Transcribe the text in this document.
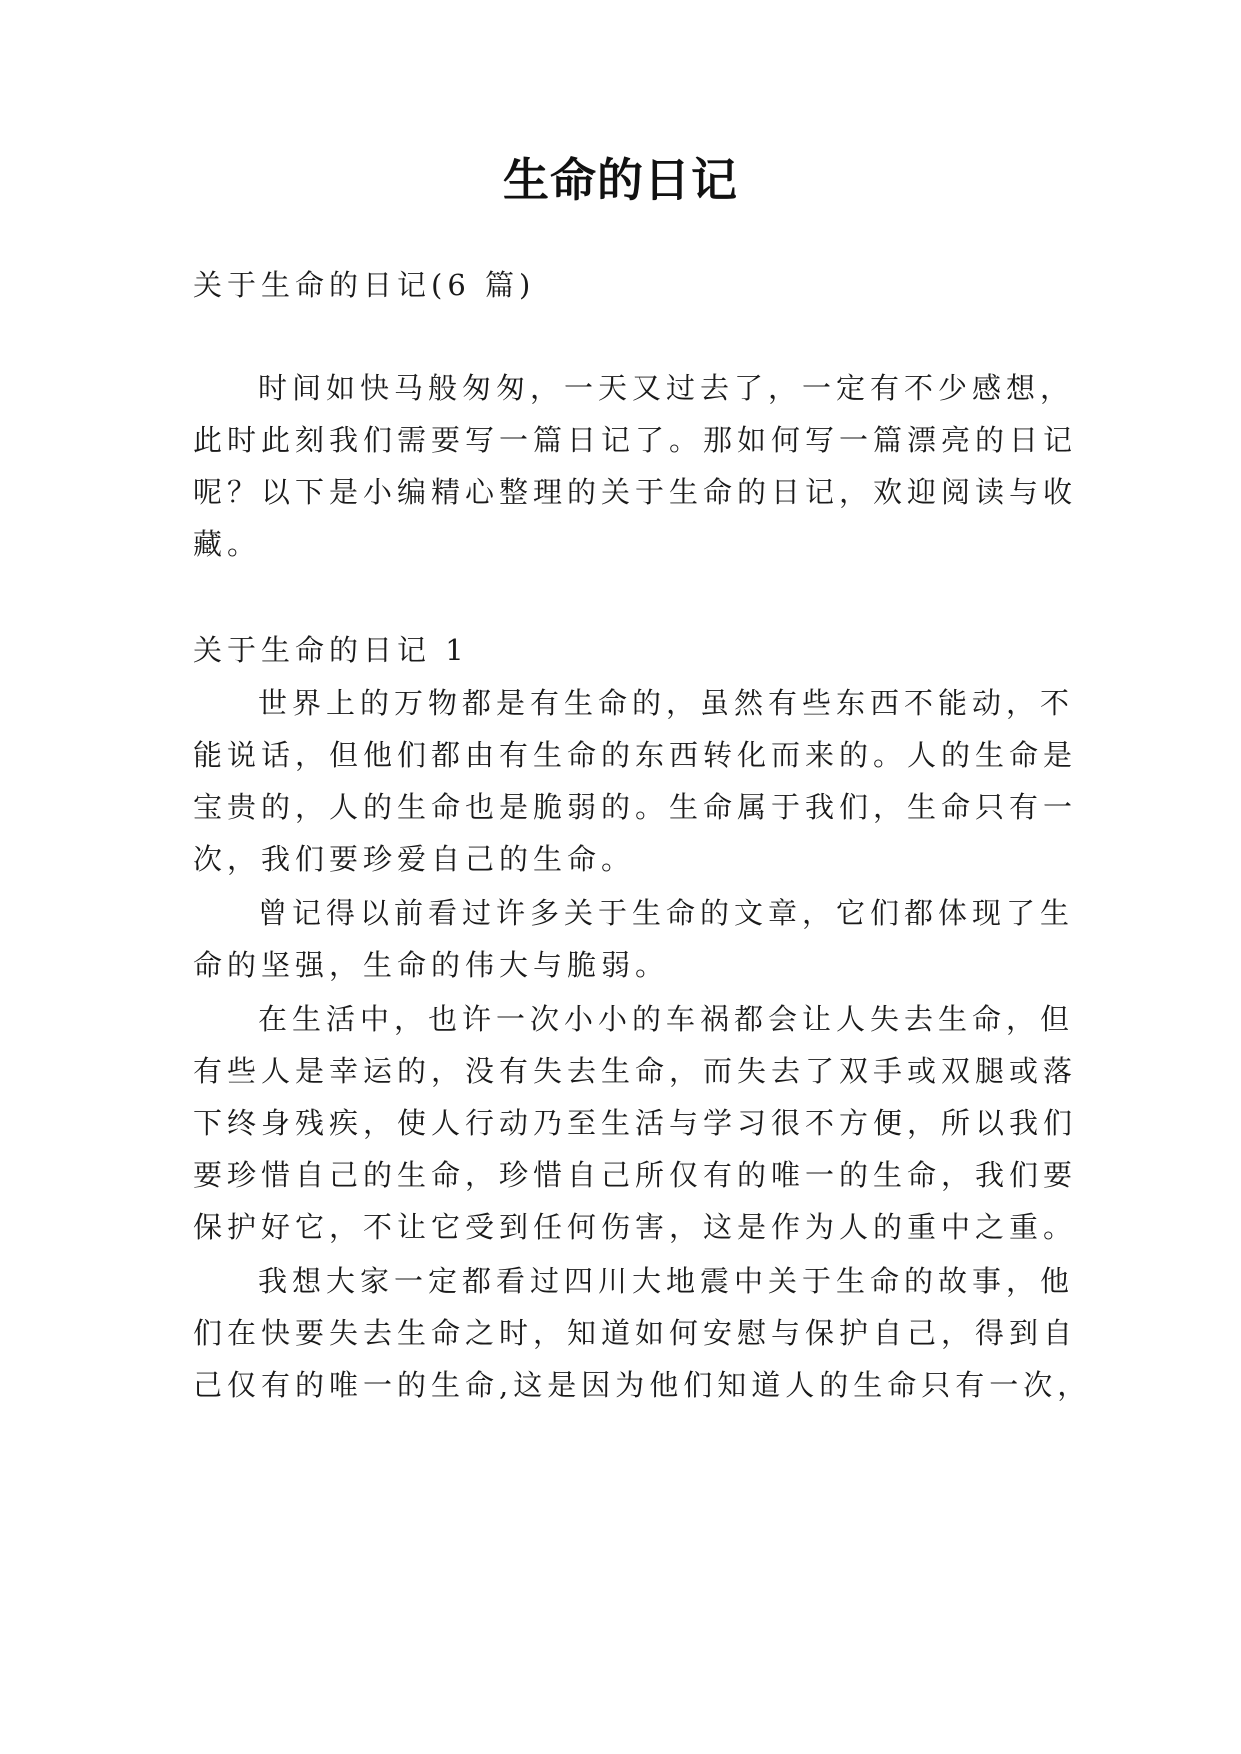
生命的日记
关于生命的日记(6 篇)
时间如快马般匆匆，一天又过去了，一定有不少感想，
此时此刻我们需要写一篇日记了。那如何写一篇漂亮的日记
呢？以下是小编精心整理的关于生命的日记，欢迎阅读与收
藏。
关于生命的日记 1
世界上的万物都是有生命的，虽然有些东西不能动，不
能说话，但他们都由有生命的东西转化而来的。人的生命是
宝贵的，人的生命也是脆弱的。生命属于我们，生命只有一
次，我们要珍爱自己的生命。
曾记得以前看过许多关于生命的文章，它们都体现了生
命的坚强，生命的伟大与脆弱。
在生活中，也许一次小小的车祸都会让人失去生命，但
有些人是幸运的，没有失去生命，而失去了双手或双腿或落
下终身残疾，使人行动乃至生活与学习很不方便，所以我们
要珍惜自己的生命，珍惜自己所仅有的唯一的生命，我们要
保护好它，不让它受到任何伤害，这是作为人的重中之重。
我想大家一定都看过四川大地震中关于生命的故事，他
们在快要失去生命之时，知道如何安慰与保护自己，得到自
己仅有的唯一的生命,这是因为他们知道人的生命只有一次，
